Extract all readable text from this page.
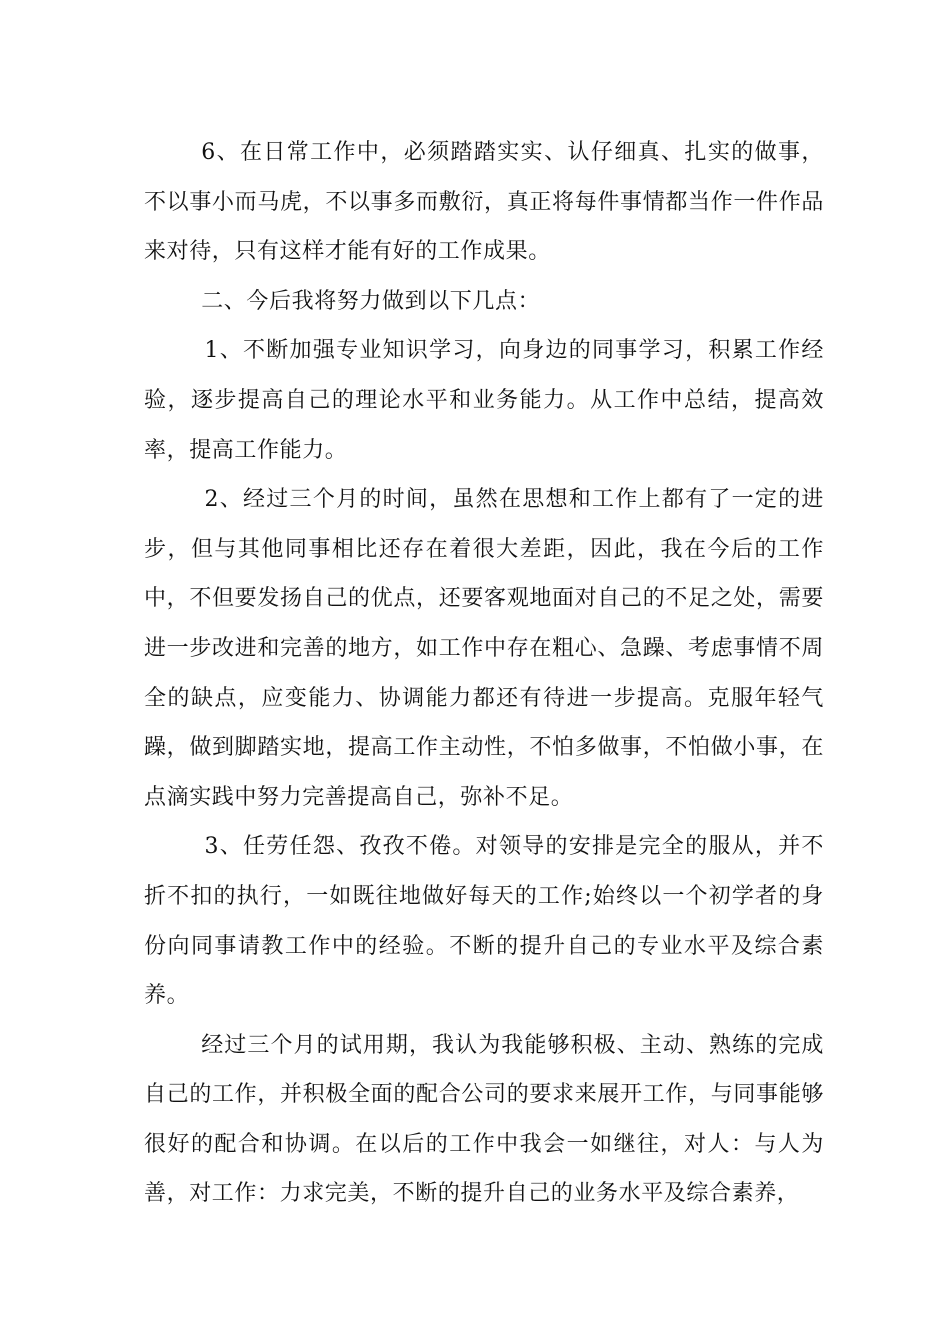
6、在日常工作中，必须踏踏实实、认仔细真、扎实的做事，不以事小而马虎，不以事多而敷衍，真正将每件事情都当作一件作品来对待，只有这样才能有好的工作成果。

二、今后我将努力做到以下几点：

1、不断加强专业知识学习，向身边的同事学习，积累工作经验，逐步提高自己的理论水平和业务能力。从工作中总结，提高效率，提高工作能力。

2、经过三个月的时间，虽然在思想和工作上都有了一定的进步，但与其他同事相比还存在着很大差距，因此，我在今后的工作中，不但要发扬自己的优点，还要客观地面对自己的不足之处，需要进一步改进和完善的地方，如工作中存在粗心、急躁、考虑事情不周全的缺点，应变能力、协调能力都还有待进一步提高。克服年轻气躁，做到脚踏实地，提高工作主动性，不怕多做事，不怕做小事，在点滴实践中努力完善提高自己，弥补不足。

3、任劳任怨、孜孜不倦。对领导的安排是完全的服从，并不折不扣的执行，一如既往地做好每天的工作;始终以一个初学者的身份向同事请教工作中的经验。不断的提升自己的专业水平及综合素养。

经过三个月的试用期，我认为我能够积极、主动、熟练的完成自己的工作，并积极全面的配合公司的要求来展开工作，与同事能够很好的配合和协调。在以后的工作中我会一如继往，对人：与人为善，对工作：力求完美，不断的提升自己的业务水平及综合素养，
